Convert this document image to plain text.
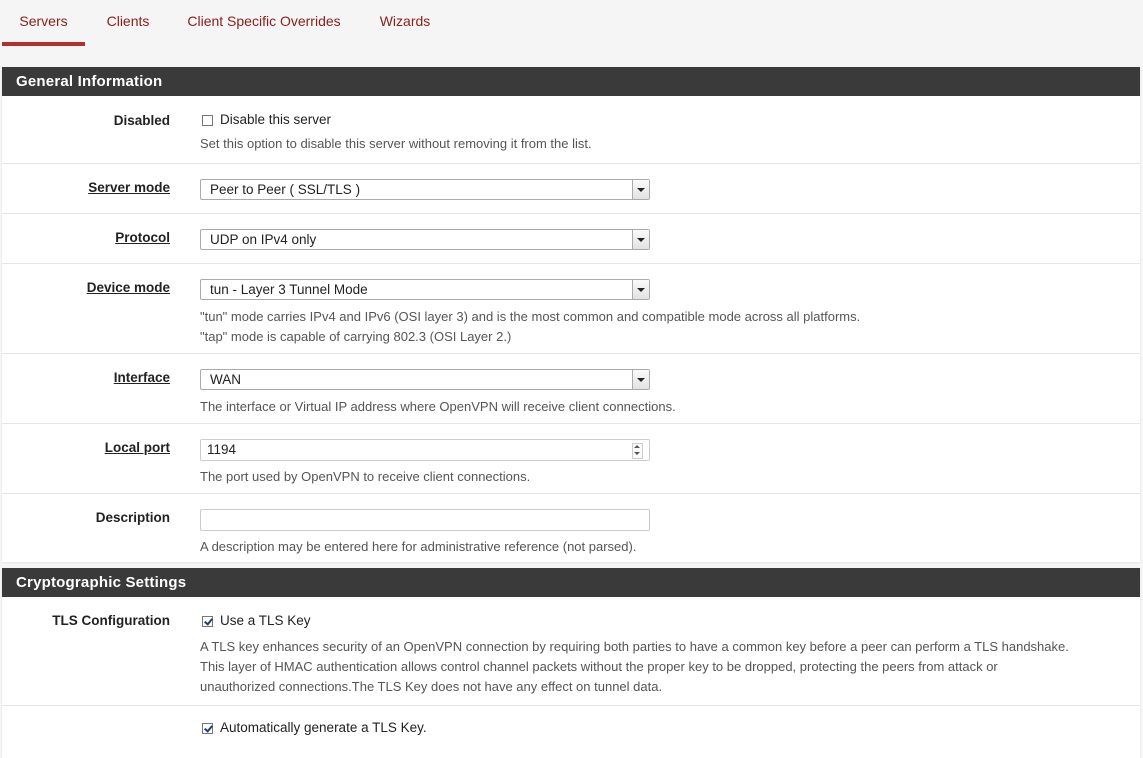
Servers	Clients	Client Specific Overrides	Wizards
General Information
Disabled	Disable this server
Set this option to disable this server without removing it from the list.
Server mode	Peer to Peer ( SSL/TLS )
Protocol	UDP on IPv4 only
Device mode	tun - Layer 3 Tunnel Mode
"tun" mode carries IPv4 and IPv6 (OSI layer 3) and is the most common and compatible mode across all platforms.
"tap" mode is capable of carrying 802.3 (OSI Layer 2.)
Interface	WAN
The interface or Virtual IP address where OpenVPN will receive client connections.
Local port	1194
The port used by OpenVPN to receive client connections.
Description
A description may be entered here for administrative reference (not parsed).
Cryptographic Settings
TLS Configuration	Use a TLS Key
A TLS key enhances security of an OpenVPN connection by requiring both parties to have a common key before a peer can perform a TLS handshake.
This layer of HMAC authentication allows control channel packets without the proper key to be dropped, protecting the peers from attack or
unauthorized connections.The TLS Key does not have any effect on tunnel data.
Automatically generate a TLS Key.
